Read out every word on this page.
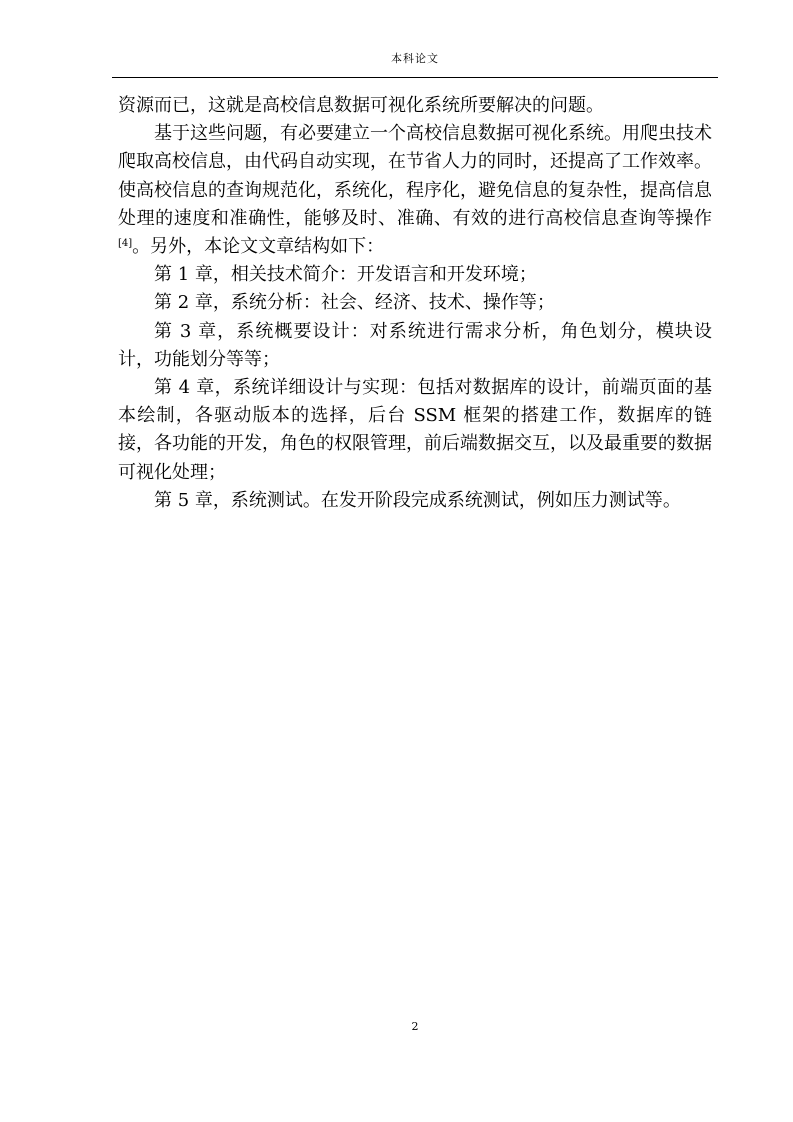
本科论文

资源而已，这就是高校信息数据可视化系统所要解决的问题。

基于这些问题，有必要建立一个高校信息数据可视化系统。用爬虫技术爬取高校信息，由代码自动实现，在节省人力的同时，还提高了工作效率。使高校信息的查询规范化，系统化，程序化，避免信息的复杂性，提高信息处理的速度和准确性，能够及时、准确、有效的进行高校信息查询等操作[4]。另外，本论文文章结构如下：

第 1 章，相关技术简介：开发语言和开发环境；

第 2 章，系统分析：社会、经济、技术、操作等；

第 3 章，系统概要设计：对系统进行需求分析，角色划分，模块设计，功能划分等等；

第 4 章，系统详细设计与实现：包括对数据库的设计，前端页面的基本绘制，各驱动版本的选择，后台 SSM 框架的搭建工作，数据库的链接，各功能的开发，角色的权限管理，前后端数据交互，以及最重要的数据可视化处理；

第 5 章，系统测试。在发开阶段完成系统测试，例如压力测试等。

2
